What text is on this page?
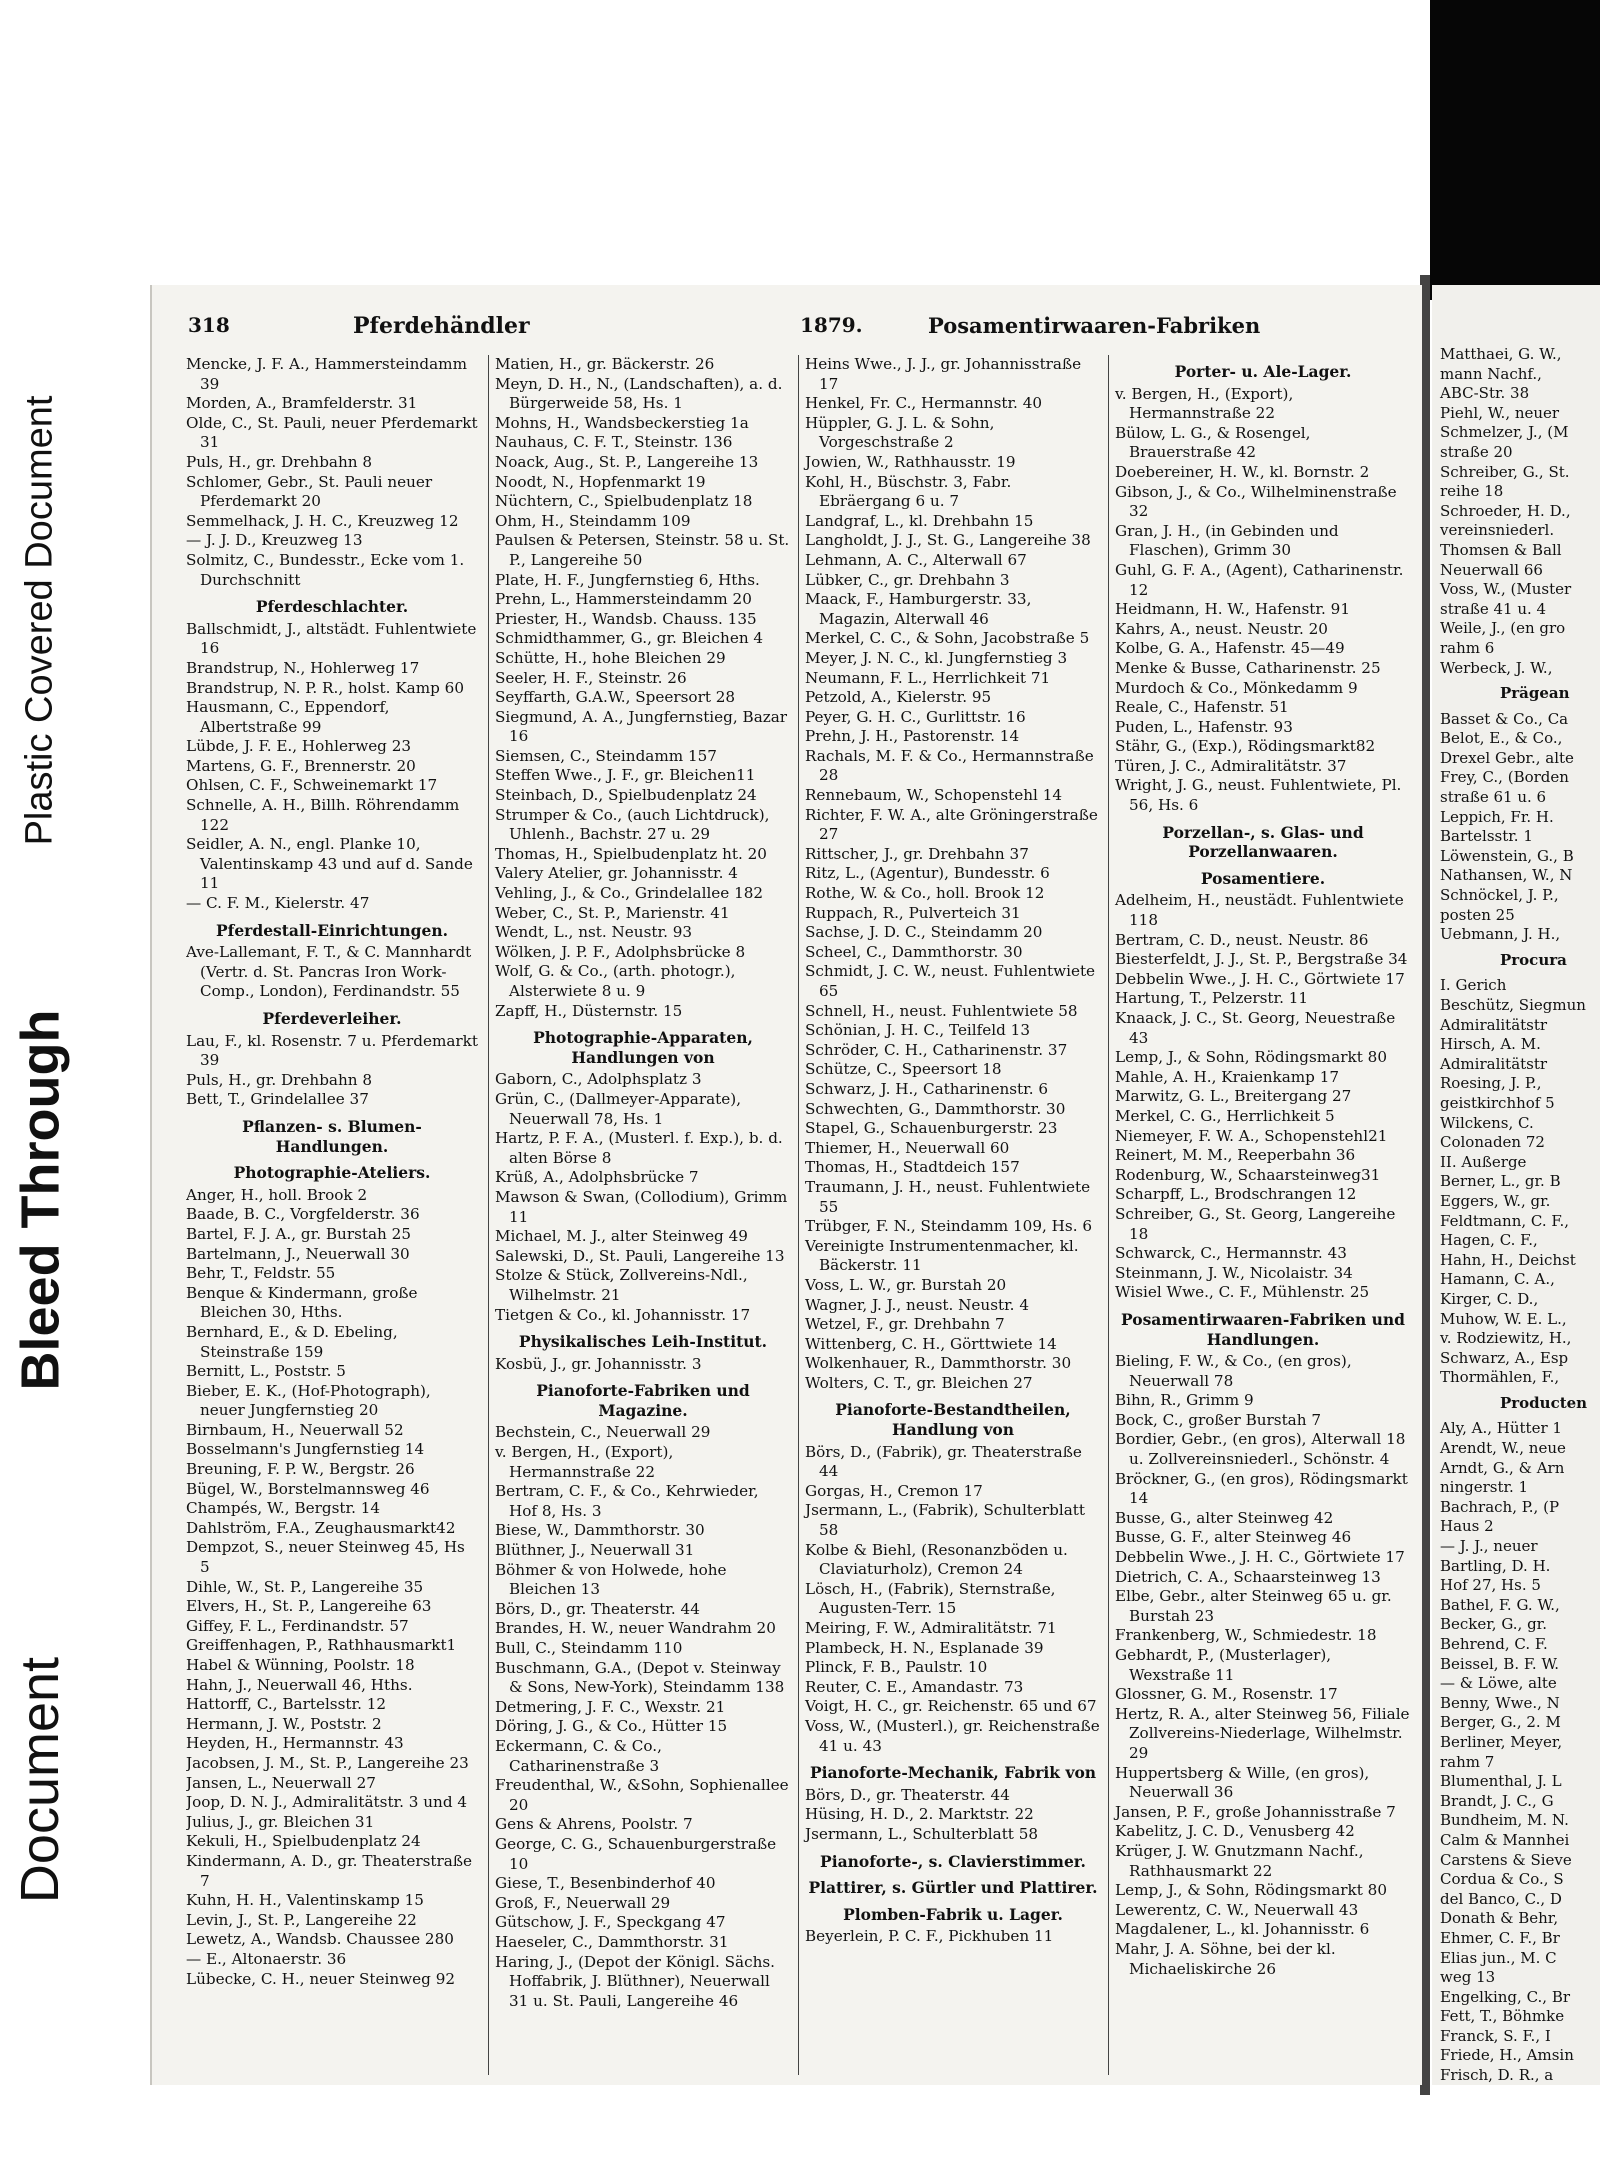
Plastic Covered Document
Bleed Through
Document
318	Pferdehändler	1879.	Posamentirwaaren-Fabriken
Mencke, J. F. A., Hammersteindamm 39
Morden, A., Bramfelderstr. 31
Olde, C., St. Pauli, neuer Pferdemarkt 31
Puls, H., gr. Drehbahn 8
Schlomer, Gebr., St. Pauli neuer Pferdemarkt 20
Semmelhack, J. H. C., Kreuzweg 12
— J. J. D., Kreuzweg 13
Solmitz, C., Bundesstr., Ecke vom 1. Durchschnitt
Pferdeschlachter.
Ballschmidt, J., altstädt. Fuhlentwiete 16
Brandstrup, N., Hohlerweg 17
Brandstrup, N. P. R., holst. Kamp 60
Hausmann, C., Eppendorf, Albertstraße 99
Lübde, J. F. E., Hohlerweg 23
Martens, G. F., Brennerstr. 20
Ohlsen, C. F., Schweinemarkt 17
Schnelle, A. H., Billh. Röhrendamm 122
Seidler, A. N., engl. Planke 10, Valentinskamp 43 und auf d. Sande 11
— C. F. M., Kielerstr. 47
Pferdestall-Einrichtungen.
Ave-Lallemant, F. T., & C. Mannhardt (Vertr. d. St. Pancras Iron Work-Comp., London), Ferdinandstr. 55
Pferdeverleiher.
Lau, F., kl. Rosenstr. 7 u. Pferdemarkt 39
Puls, H., gr. Drehbahn 8
Bett, T., Grindelallee 37
Pflanzen- s. Blumen-Handlungen.
Photographie-Ateliers.
Anger, H., holl. Brook 2
Baade, B. C., Vorgfelderstr. 36
Bartel, F. J. A., gr. Burstah 25
Bartelmann, J., Neuerwall 30
Behr, T., Feldstr. 55
Benque & Kindermann, große Bleichen 30, Hths.
Bernhard, E., & D. Ebeling, Steinstraße 159
Bernitt, L., Poststr. 5
Bieber, E. K., (Hof-Photograph), neuer Jungfernstieg 20
Birnbaum, H., Neuerwall 52
Bosselmann's Jungfernstieg 14
Breuning, F. P. W., Bergstr. 26
Bügel, W., Borstelmannsweg 46
Champés, W., Bergstr. 14
Dahlström, F.A., Zeughausmarkt42
Dempzot, S., neuer Steinweg 45, Hs 5
Dihle, W., St. P., Langereihe 35
Elvers, H., St. P., Langereihe 63
Giffey, F. L., Ferdinandstr. 57
Greiffenhagen, P., Rathhausmarkt1
Habel & Wünning, Poolstr. 18
Hahn, J., Neuerwall 46, Hths.
Hattorff, C., Bartelsstr. 12
Hermann, J. W., Poststr. 2
Heyden, H., Hermannstr. 43
Jacobsen, J. M., St. P., Langereihe 23
Jansen, L., Neuerwall 27
Joop, D. N. J., Admiralitätstr. 3 und 4
Julius, J., gr. Bleichen 31
Kekuli, H., Spielbudenplatz 24
Kindermann, A. D., gr. Theaterstraße 7
Kuhn, H. H., Valentinskamp 15
Levin, J., St. P., Langereihe 22
Lewetz, A., Wandsb. Chaussee 280
— E., Altonaerstr. 36
Lübecke, C. H., neuer Steinweg 92
Matien, H., gr. Bäckerstr. 26
Meyn, D. H., N., (Landschaften), a. d. Bürgerweide 58, Hs. 1
Mohns, H., Wandsbeckerstieg 1a
Nauhaus, C. F. T., Steinstr. 136
Noack, Aug., St. P., Langereihe 13
Noodt, N., Hopfenmarkt 19
Nüchtern, C., Spielbudenplatz 18
Ohm, H., Steindamm 109
Paulsen & Petersen, Steinstr. 58 u. St. P., Langereihe 50
Plate, H. F., Jungfernstieg 6, Hths.
Prehn, L., Hammersteindamm 20
Priester, H., Wandsb. Chauss. 135
Schmidthammer, G., gr. Bleichen 4
Schütte, H., hohe Bleichen 29
Seeler, H. F., Steinstr. 26
Seyffarth, G.A.W., Speersort 28
Siegmund, A. A., Jungfernstieg, Bazar 16
Siemsen, C., Steindamm 157
Steffen Wwe., J. F., gr. Bleichen11
Steinbach, D., Spielbudenplatz 24
Strumper & Co., (auch Lichtdruck), Uhlenh., Bachstr. 27 u. 29
Thomas, H., Spielbudenplatz ht. 20
Valery Atelier, gr. Johannisstr. 4
Vehling, J., & Co., Grindelallee 182
Weber, C., St. P., Marienstr. 41
Wendt, L., nst. Neustr. 93
Wölken, J. P. F., Adolphsbrücke 8
Wolf, G. & Co., (arth. photogr.), Alsterwiete 8 u. 9
Zapff, H., Düsternstr. 15
Photographie-Apparaten, Handlungen von
Gaborn, C., Adolphsplatz 3
Grün, C., (Dallmeyer-Apparate), Neuerwall 78, Hs. 1
Hartz, P. F. A., (Musterl. f. Exp.), b. d. alten Börse 8
Krüß, A., Adolphsbrücke 7
Mawson & Swan, (Collodium), Grimm 11
Michael, M. J., alter Steinweg 49
Salewski, D., St. Pauli, Langereihe 13
Stolze & Stück, Zollvereins-Ndl., Wilhelmstr. 21
Tietgen & Co., kl. Johannisstr. 17
Physikalisches Leih-Institut.
Kosbü, J., gr. Johannisstr. 3
Pianoforte-Fabriken und Magazine.
Bechstein, C., Neuerwall 29
v. Bergen, H., (Export), Hermannstraße 22
Bertram, C. F., & Co., Kehrwieder, Hof 8, Hs. 3
Biese, W., Dammthorstr. 30
Blüthner, J., Neuerwall 31
Böhmer & von Holwede, hohe Bleichen 13
Börs, D., gr. Theaterstr. 44
Brandes, H. W., neuer Wandrahm 20
Bull, C., Steindamm 110
Buschmann, G.A., (Depot v. Steinway & Sons, New-York), Steindamm 138
Detmering, J. F. C., Wexstr. 21
Döring, J. G., & Co., Hütter 15
Eckermann, C. & Co., Catharinenstraße 3
Freudenthal, W., &Sohn, Sophienallee 20
Gens & Ahrens, Poolstr. 7
George, C. G., Schauenburgerstraße 10
Giese, T., Besenbinderhof 40
Groß, F., Neuerwall 29
Gütschow, J. F., Speckgang 47
Haeseler, C., Dammthorstr. 31
Haring, J., (Depot der Königl. Sächs. Hoffabrik, J. Blüthner), Neuerwall 31 u. St. Pauli, Langereihe 46
Heins Wwe., J. J., gr. Johannisstraße 17
Henkel, Fr. C., Hermannstr. 40
Hüppler, G. J. L. & Sohn, Vorgeschstraße 2
Jowien, W., Rathhausstr. 19
Kohl, H., Büschstr. 3, Fabr. Ebräergang 6 u. 7
Landgraf, L., kl. Drehbahn 15
Langholdt, J. J., St. G., Langereihe 38
Lehmann, A. C., Alterwall 67
Lübker, C., gr. Drehbahn 3
Maack, F., Hamburgerstr. 33, Magazin, Alterwall 46
Merkel, C. C., & Sohn, Jacobstraße 5
Meyer, J. N. C., kl. Jungfernstieg 3
Neumann, F. L., Herrlichkeit 71
Petzold, A., Kielerstr. 95
Peyer, G. H. C., Gurlittstr. 16
Prehn, J. H., Pastorenstr. 14
Rachals, M. F. & Co., Hermannstraße 28
Rennebaum, W., Schopenstehl 14
Richter, F. W. A., alte Gröningerstraße 27
Rittscher, J., gr. Drehbahn 37
Ritz, L., (Agentur), Bundesstr. 6
Rothe, W. & Co., holl. Brook 12
Ruppach, R., Pulverteich 31
Sachse, J. D. C., Steindamm 20
Scheel, C., Dammthorstr. 30
Schmidt, J. C. W., neust. Fuhlentwiete 65
Schnell, H., neust. Fuhlentwiete 58
Schönian, J. H. C., Teilfeld 13
Schröder, C. H., Catharinenstr. 37
Schütze, C., Speersort 18
Schwarz, J. H., Catharinenstr. 6
Schwechten, G., Dammthorstr. 30
Stapel, G., Schauenburgerstr. 23
Thiemer, H., Neuerwall 60
Thomas, H., Stadtdeich 157
Traumann, J. H., neust. Fuhlentwiete 55
Trübger, F. N., Steindamm 109, Hs. 6
Vereinigte Instrumentenmacher, kl. Bäckerstr. 11
Voss, L. W., gr. Burstah 20
Wagner, J. J., neust. Neustr. 4
Wetzel, F., gr. Drehbahn 7
Wittenberg, C. H., Görttwiete 14
Wolkenhauer, R., Dammthorstr. 30
Wolters, C. T., gr. Bleichen 27
Pianoforte-Bestandtheilen, Handlung von
Börs, D., (Fabrik), gr. Theaterstraße 44
Gorgas, H., Cremon 17
Jsermann, L., (Fabrik), Schulterblatt 58
Kolbe & Biehl, (Resonanzböden u. Claviaturholz), Cremon 24
Lösch, H., (Fabrik), Sternstraße, Augusten-Terr. 15
Meiring, F. W., Admiralitätstr. 71
Plambeck, H. N., Esplanade 39
Plinck, F. B., Paulstr. 10
Reuter, C. E., Amandastr. 73
Voigt, H. C., gr. Reichenstr. 65 und 67
Voss, W., (Musterl.), gr. Reichenstraße 41 u. 43
Pianoforte-Mechanik, Fabrik von
Börs, D., gr. Theaterstr. 44
Hüsing, H. D., 2. Marktstr. 22
Jsermann, L., Schulterblatt 58
Pianoforte-, s. Clavierstimmer.
Plattirer, s. Gürtler und Plattirer.
Plomben-Fabrik u. Lager.
Beyerlein, P. C. F., Pickhuben 11
Porter- u. Ale-Lager.
v. Bergen, H., (Export), Hermannstraße 22
Bülow, L. G., & Rosengel, Brauerstraße 42
Doebereiner, H. W., kl. Bornstr. 2
Gibson, J., & Co., Wilhelminenstraße 32
Gran, J. H., (in Gebinden und Flaschen), Grimm 30
Guhl, G. F. A., (Agent), Catharinenstr. 12
Heidmann, H. W., Hafenstr. 91
Kahrs, A., neust. Neustr. 20
Kolbe, G. A., Hafenstr. 45—49
Menke & Busse, Catharinenstr. 25
Murdoch & Co., Mönkedamm 9
Reale, C., Hafenstr. 51
Puden, L., Hafenstr. 93
Stähr, G., (Exp.), Rödingsmarkt82
Türen, J. C., Admiralitätstr. 37
Wright, J. G., neust. Fuhlentwiete, Pl. 56, Hs. 6
Porzellan-, s. Glas- und Porzellanwaaren.
Posamentiere.
Adelheim, H., neustädt. Fuhlentwiete 118
Bertram, C. D., neust. Neustr. 86
Biesterfeldt, J. J., St. P., Bergstraße 34
Debbelin Wwe., J. H. C., Görtwiete 17
Hartung, T., Pelzerstr. 11
Knaack, J. C., St. Georg, Neuestraße 43
Lemp, J., & Sohn, Rödingsmarkt 80
Mahle, A. H., Kraienkamp 17
Marwitz, G. L., Breitergang 27
Merkel, C. G., Herrlichkeit 5
Niemeyer, F. W. A., Schopenstehl21
Reinert, M. M., Reeperbahn 36
Rodenburg, W., Schaarsteinweg31
Scharpff, L., Brodschrangen 12
Schreiber, G., St. Georg, Langereihe 18
Schwarck, C., Hermannstr. 43
Steinmann, J. W., Nicolaistr. 34
Wisiel Wwe., C. F., Mühlenstr. 25
Posamentirwaaren-Fabriken und Handlungen.
Bieling, F. W., & Co., (en gros), Neuerwall 78
Bihn, R., Grimm 9
Bock, C., großer Burstah 7
Bordier, Gebr., (en gros), Alterwall 18 u. Zollvereinsniederl., Schönstr. 4
Bröckner, G., (en gros), Rödingsmarkt 14
Busse, G., alter Steinweg 42
Busse, G. F., alter Steinweg 46
Debbelin Wwe., J. H. C., Görtwiete 17
Dietrich, C. A., Schaarsteinweg 13
Elbe, Gebr., alter Steinweg 65 u. gr. Burstah 23
Frankenberg, W., Schmiedestr. 18
Gebhardt, P., (Musterlager), Wexstraße 11
Glossner, G. M., Rosenstr. 17
Hertz, R. A., alter Steinweg 56, Filiale Zollvereins-Niederlage, Wilhelmstr. 29
Huppertsberg & Wille, (en gros), Neuerwall 36
Jansen, P. F., große Johannisstraße 7
Kabelitz, J. C. D., Venusberg 42
Krüger, J. W. Gnutzmann Nachf., Rathhausmarkt 22
Lemp, J., & Sohn, Rödingsmarkt 80
Lewerentz, C. W., Neuerwall 43
Magdalener, L., kl. Johannisstr. 6
Mahr, J. A. Söhne, bei der kl. Michaeliskirche 26
Matthaei, G. W.,
mann Nachf.,
ABC-Str. 38
Piehl, W., neuer
Schmelzer, J., (M
straße 20
Schreiber, G., St.
reihe 18
Schroeder, H. D.,
vereinsniederl.
Thomsen & Ball
Neuerwall 66
Voss, W., (Muster
straße 41 u. 4
Weile, J., (en gro
rahm 6
Werbeck, J. W.,
Prägean
Basset & Co., Ca
Belot, E., & Co.,
Drexel Gebr., alte
Frey, C., (Borden
straße 61 u. 6
Leppich, Fr. H.
Bartelsstr. 1
Löwenstein, G., B
Nathansen, W., N
Schnöckel, J. P.,
posten 25
Uebmann, J. H.,
Procura
I. Gerich
Beschütz, Siegmun
Admiralitätstr
Hirsch, A. M.
Admiralitätstr
Roesing, J. P.,
geistkirchhof 5
Wilckens, C.
Colonaden 72
II. Außerge
Berner, L., gr. B
Eggers, W., gr.
Feldtmann, C. F.,
Hagen, C. F.,
Hahn, H., Deichst
Hamann, C. A.,
Kirger, C. D.,
Muhow, W. E. L.,
v. Rodziewitz, H.,
Schwarz, A., Esp
Thormählen, F.,
Producten
Aly, A., Hütter 1
Arendt, W., neue
Arndt, G., & Arn
ningerstr. 1
Bachrach, P., (P
Haus 2
— J. J., neuer
Bartling, D. H.
Hof 27, Hs. 5
Bathel, F. G. W.,
Becker, G., gr.
Behrend, C. F.
Beissel, B. F. W.
— & Löwe, alte
Benny, Wwe., N
Berger, G., 2. M
Berliner, Meyer,
rahm 7
Blumenthal, J. L
Brandt, J. C., G
Bundheim, M. N.
Calm & Mannhei
Carstens & Sieve
Cordua & Co., S
del Banco, C., D
Donath & Behr,
Ehmer, C. F., Br
Elias jun., M. C
weg 13
Engelking, C., Br
Fett, T., Böhmke
Franck, S. F., I
Friede, H., Amsin
Frisch, D. R., a
